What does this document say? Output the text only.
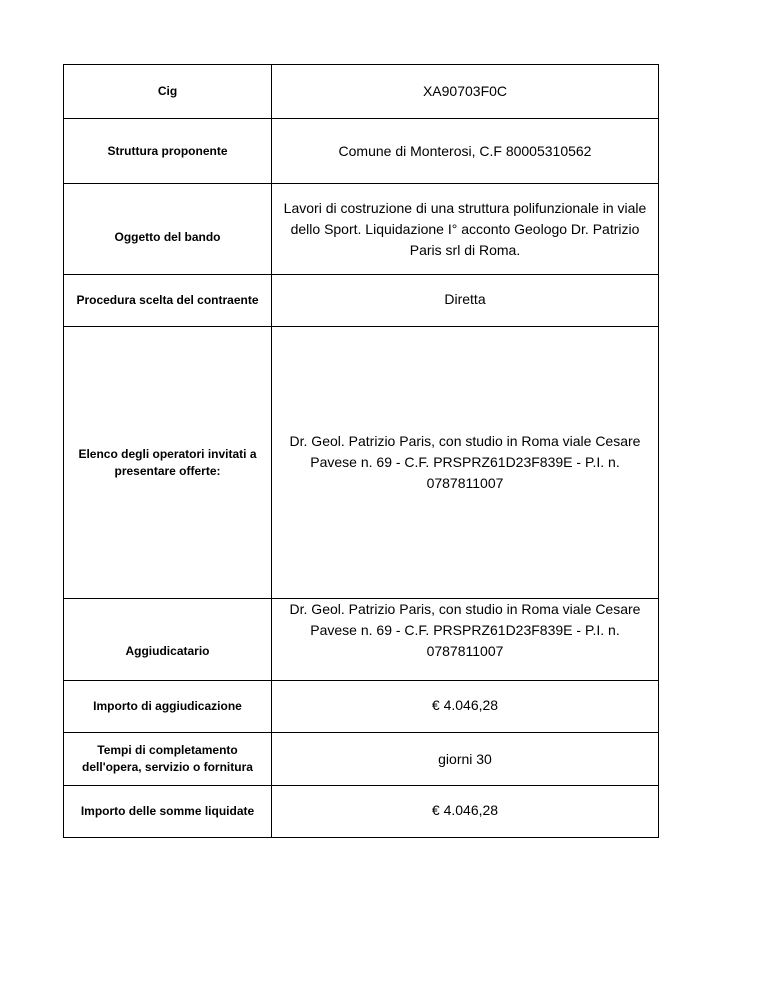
Cig	XA90703F0C
Struttura proponente	Comune di Monterosi, C.F 80005310562
Oggetto del bando	Lavori di costruzione di una struttura polifunzionale in viale dello Sport. Liquidazione I° acconto Geologo Dr. Patrizio Paris srl di Roma.
Procedura scelta del contraente	Diretta
Elenco degli operatori invitati a presentare offerte:	Dr. Geol. Patrizio Paris, con studio in Roma viale Cesare Pavese n. 69 - C.F. PRSPRZ61D23F839E - P.I. n. 0787811007
Aggiudicatario	Dr. Geol. Patrizio Paris, con studio in Roma viale Cesare Pavese n. 69 - C.F. PRSPRZ61D23F839E - P.I. n. 0787811007
Importo di aggiudicazione	€ 4.046,28
Tempi di completamento dell'opera, servizio o fornitura	giorni 30
Importo delle somme liquidate	€ 4.046,28
